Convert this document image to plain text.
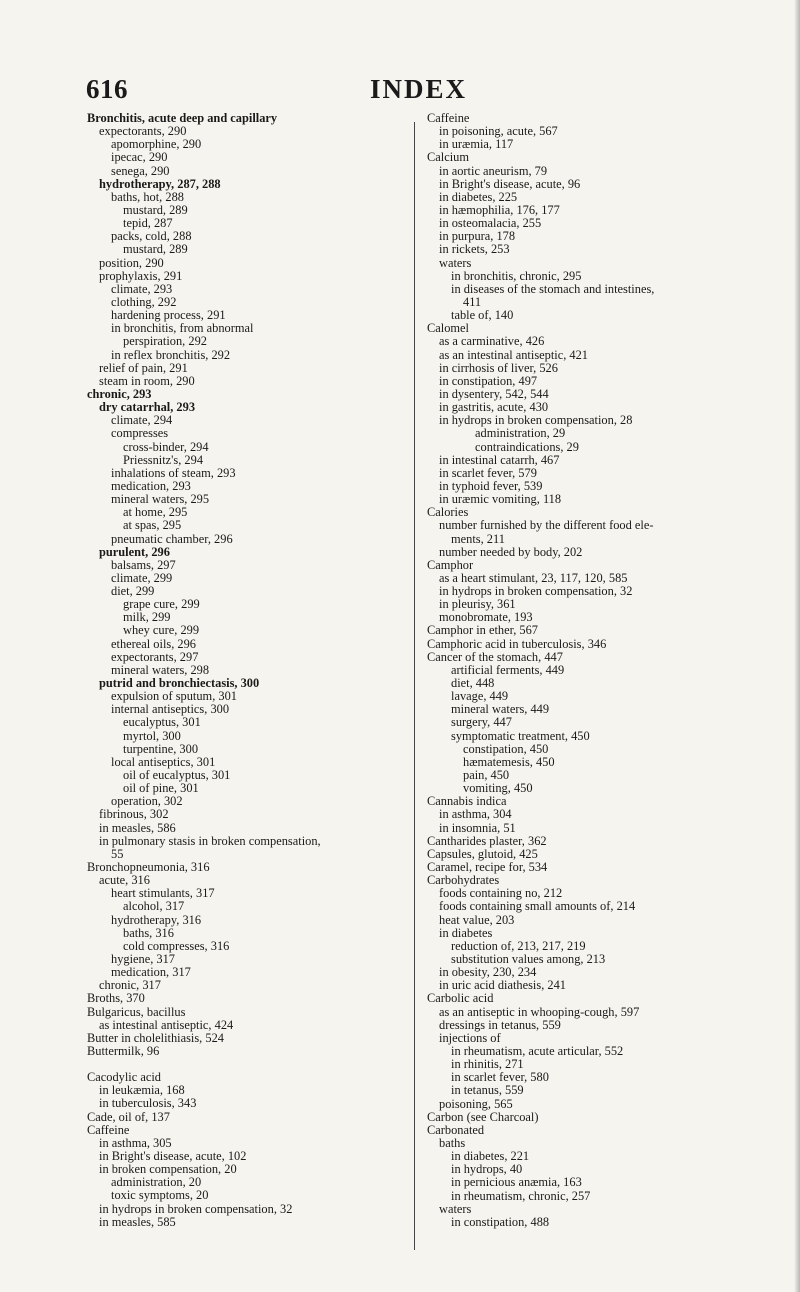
616	INDEX
Bronchitis, acute deep and capillary
expectorants, 290
apomorphine, 290
ipecac, 290
senega, 290
hydrotherapy, 287, 288
baths, hot, 288
mustard, 289
tepid, 287
packs, cold, 288
mustard, 289
position, 290
prophylaxis, 291
climate, 293
clothing, 292
hardening process, 291
in bronchitis, from abnormal
perspiration, 292
in reflex bronchitis, 292
relief of pain, 291
steam in room, 290
chronic, 293
dry catarrhal, 293
climate, 294
compresses
cross-binder, 294
Priessnitz's, 294
inhalations of steam, 293
medication, 293
mineral waters, 295
at home, 295
at spas, 295
pneumatic chamber, 296
purulent, 296
balsams, 297
climate, 299
diet, 299
grape cure, 299
milk, 299
whey cure, 299
ethereal oils, 296
expectorants, 297
mineral waters, 298
putrid and bronchiectasis, 300
expulsion of sputum, 301
internal antiseptics, 300
eucalyptus, 301
myrtol, 300
turpentine, 300
local antiseptics, 301
oil of eucalyptus, 301
oil of pine, 301
operation, 302
fibrinous, 302
in measles, 586
in pulmonary stasis in broken compensation,
55
Bronchopneumonia, 316
acute, 316
heart stimulants, 317
alcohol, 317
hydrotherapy, 316
baths, 316
cold compresses, 316
hygiene, 317
medication, 317
chronic, 317
Broths, 370
Bulgaricus, bacillus
as intestinal antiseptic, 424
Butter in cholelithiasis, 524
Buttermilk, 96
Cacodylic acid
in leukæmia, 168
in tuberculosis, 343
Cade, oil of, 137
Caffeine
in asthma, 305
in Bright's disease, acute, 102
in broken compensation, 20
administration, 20
toxic symptoms, 20
in hydrops in broken compensation, 32
in measles, 585
Caffeine
in poisoning, acute, 567
in uræmia, 117
Calcium
in aortic aneurism, 79
in Bright's disease, acute, 96
in diabetes, 225
in hæmophilia, 176, 177
in osteomalacia, 255
in purpura, 178
in rickets, 253
waters
in bronchitis, chronic, 295
in diseases of the stomach and intestines,
411
table of, 140
Calomel
as a carminative, 426
as an intestinal antiseptic, 421
in cirrhosis of liver, 526
in constipation, 497
in dysentery, 542, 544
in gastritis, acute, 430
in hydrops in broken compensation, 28
administration, 29
contraindications, 29
in intestinal catarrh, 467
in scarlet fever, 579
in typhoid fever, 539
in uræmic vomiting, 118
Calories
number furnished by the different food ele-
ments, 211
number needed by body, 202
Camphor
as a heart stimulant, 23, 117, 120, 585
in hydrops in broken compensation, 32
in pleurisy, 361
monobromate, 193
Camphor in ether, 567
Camphoric acid in tuberculosis, 346
Cancer of the stomach, 447
artificial ferments, 449
diet, 448
lavage, 449
mineral waters, 449
surgery, 447
symptomatic treatment, 450
constipation, 450
hæmatemesis, 450
pain, 450
vomiting, 450
Cannabis indica
in asthma, 304
in insomnia, 51
Cantharides plaster, 362
Capsules, glutoid, 425
Caramel, recipe for, 534
Carbohydrates
foods containing no, 212
foods containing small amounts of, 214
heat value, 203
in diabetes
reduction of, 213, 217, 219
substitution values among, 213
in obesity, 230, 234
in uric acid diathesis, 241
Carbolic acid
as an antiseptic in whooping-cough, 597
dressings in tetanus, 559
injections of
in rheumatism, acute articular, 552
in rhinitis, 271
in scarlet fever, 580
in tetanus, 559
poisoning, 565
Carbon (see Charcoal)
Carbonated
baths
in diabetes, 221
in hydrops, 40
in pernicious anæmia, 163
in rheumatism, chronic, 257
waters
in constipation, 488
